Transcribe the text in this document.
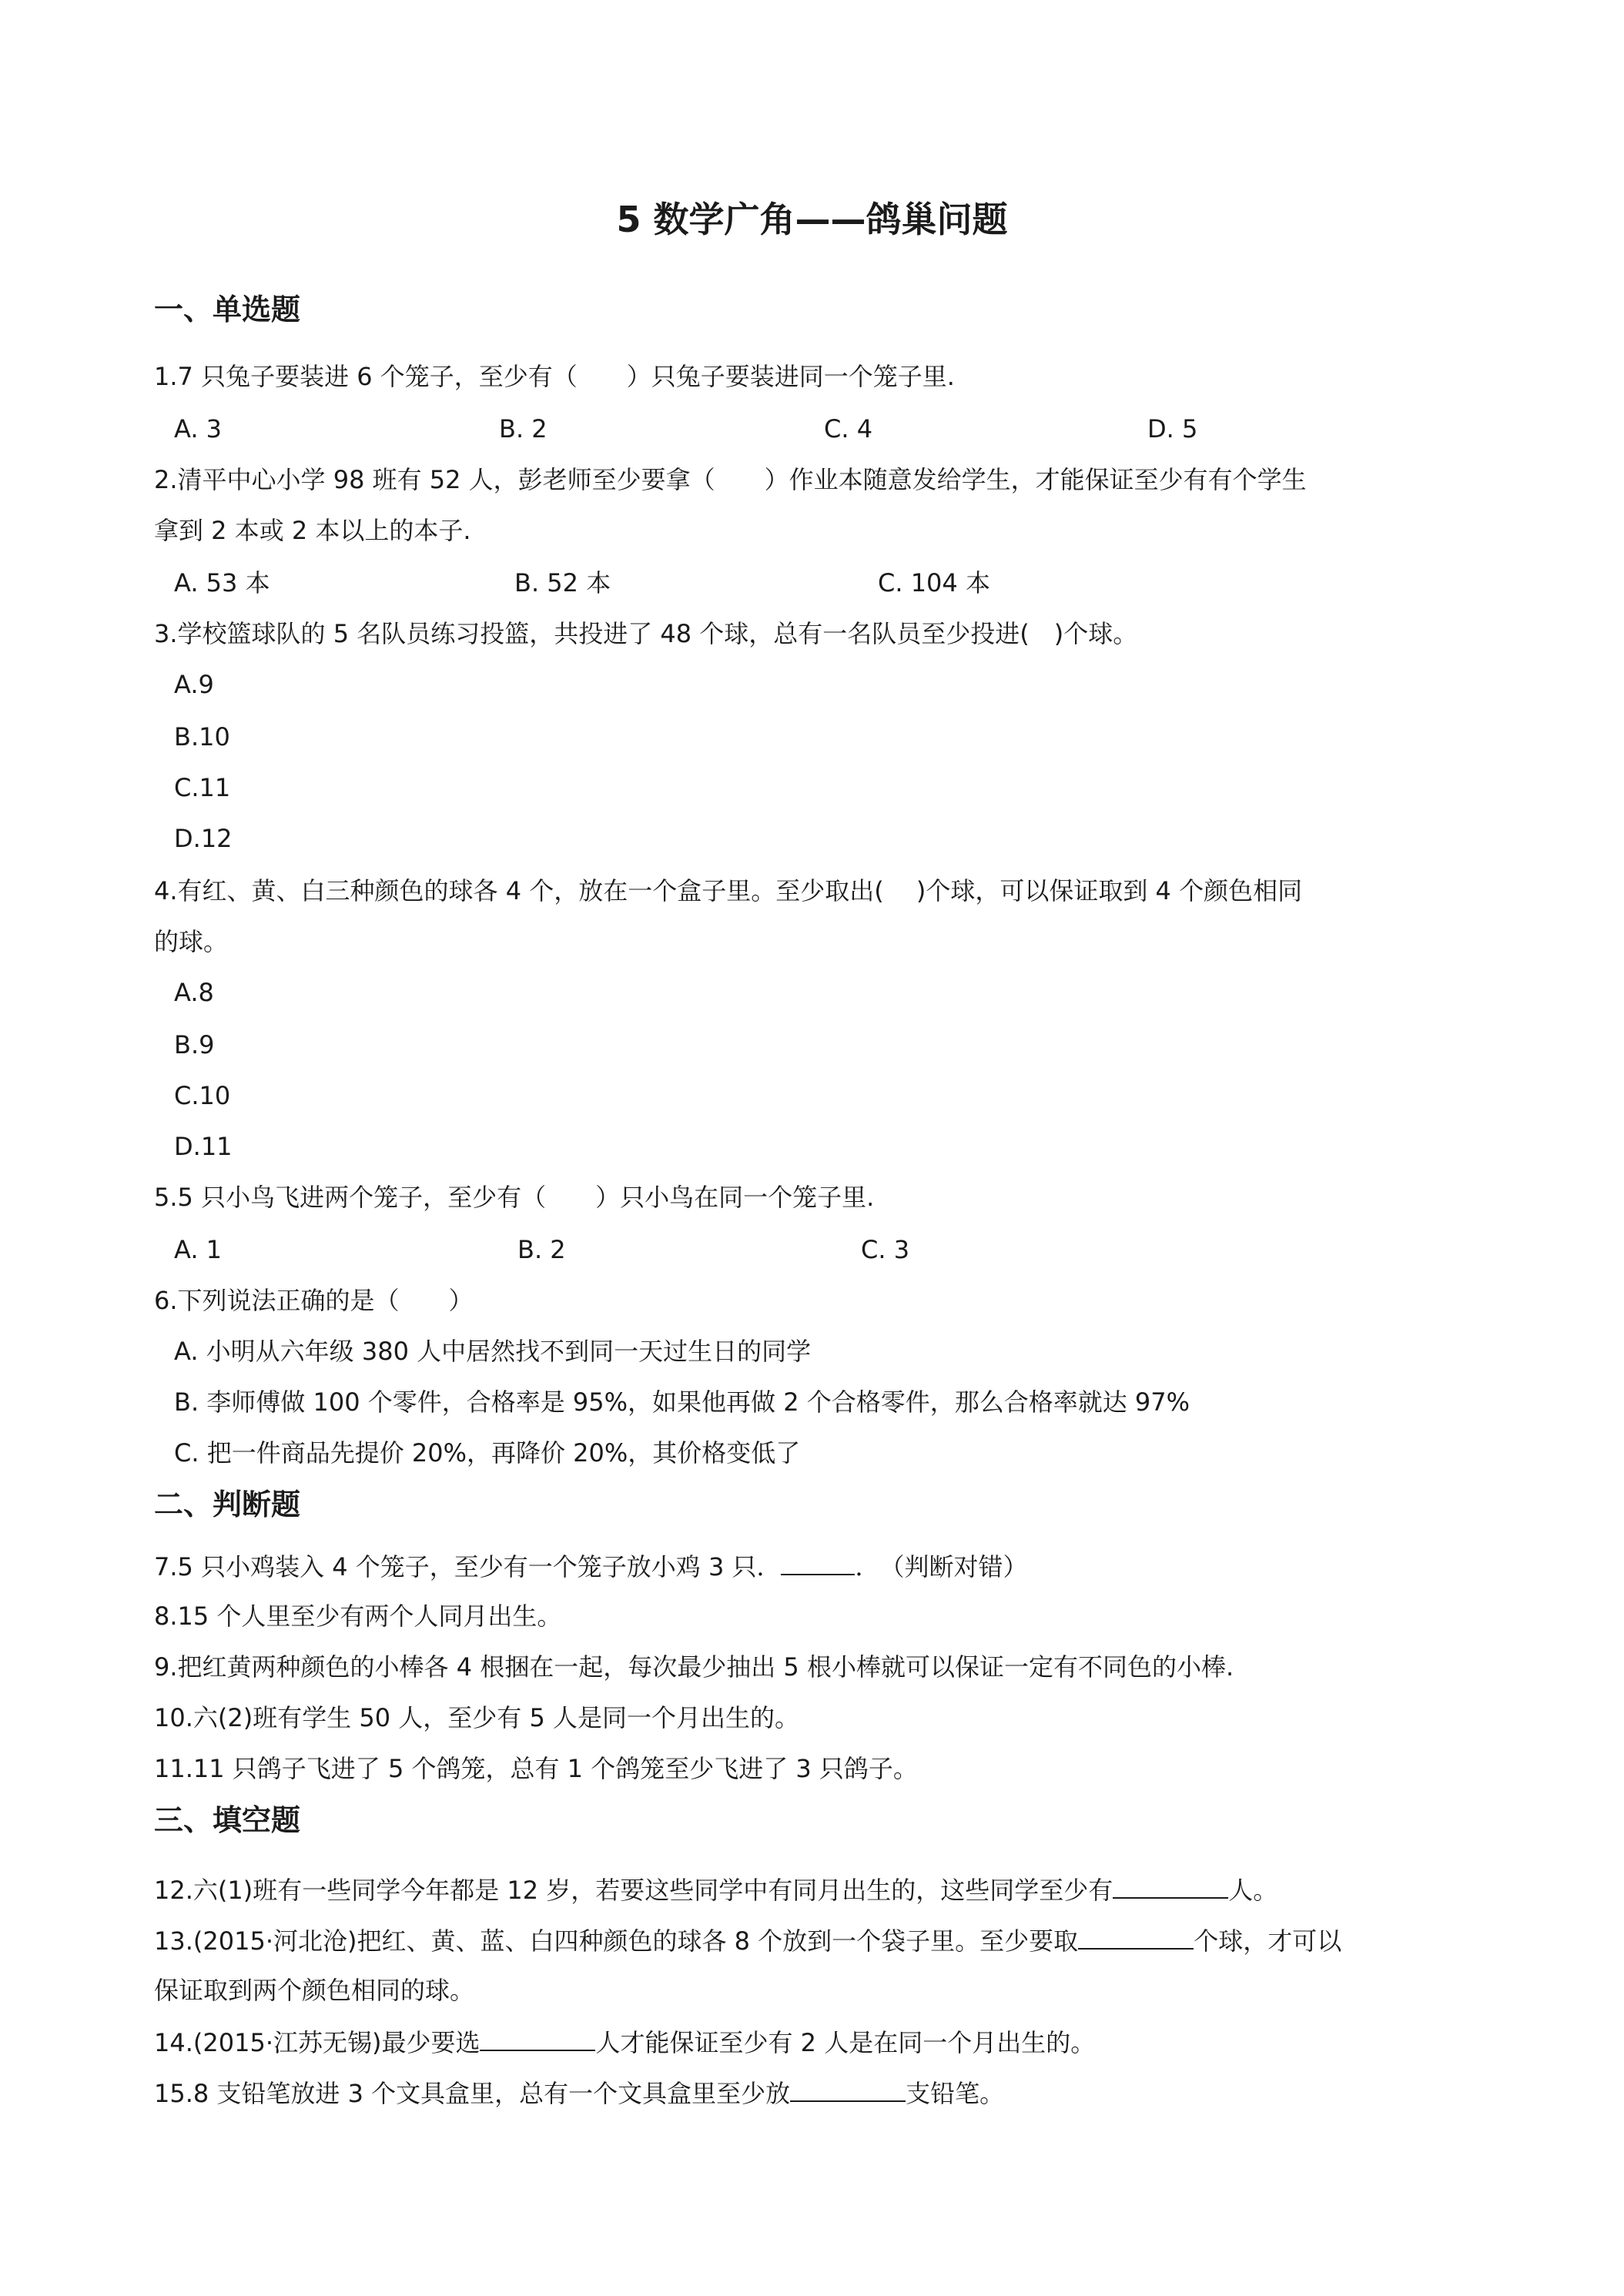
5 数学广角——鸽巢问题
一、单选题
1.7 只兔子要装进 6 个笼子，至少有（　　）只兔子要装进同一个笼子里.
A. 3	B. 2	C. 4	D. 5
2.清平中心小学 98 班有 52 人，彭老师至少要拿（　　）作业本随意发给学生，才能保证至少有有个学生
拿到 2 本或 2 本以上的本子.
A. 53 本	B. 52 本	C. 104 本
3.学校篮球队的 5 名队员练习投篮，共投进了 48 个球，总有一名队员至少投进(　)个球。
A.9
B.10
C.11
D.12
4.有红、黄、白三种颜色的球各 4 个，放在一个盒子里。至少取出(　 )个球，可以保证取到 4 个颜色相同
的球。
A.8
B.9
C.10
D.11
5.5 只小鸟飞进两个笼子，至少有（　　）只小鸟在同一个笼子里.
A. 1	B. 2	C. 3
6.下列说法正确的是（　　）
A. 小明从六年级 380 人中居然找不到同一天过生日的同学
B. 李师傅做 100 个零件，合格率是 95%，如果他再做 2 个合格零件，那么合格率就达 97%
C. 把一件商品先提价 20%，再降价 20%，其价格变低了
二、判断题
7.5 只小鸡装入 4 个笼子，至少有一个笼子放小鸡 3 只．	．　（判断对错）
8.15 个人里至少有两个人同月出生。
9.把红黄两种颜色的小棒各 4 根捆在一起，每次最少抽出 5 根小棒就可以保证一定有不同色的小棒.
10.六(2)班有学生 50 人，至少有 5 人是同一个月出生的。
11.11 只鸽子飞进了 5 个鸽笼，总有 1 个鸽笼至少飞进了 3 只鸽子。
三、填空题
12.六(1)班有一些同学今年都是 12 岁，若要这些同学中有同月出生的，这些同学至少有	人。
13.(2015·河北沧)把红、黄、蓝、白四种颜色的球各 8 个放到一个袋子里。至少要取	个球，才可以
保证取到两个颜色相同的球。
14.(2015·江苏无锡)最少要选	人才能保证至少有 2 人是在同一个月出生的。
15.8 支铅笔放进 3 个文具盒里，总有一个文具盒里至少放	支铅笔。
